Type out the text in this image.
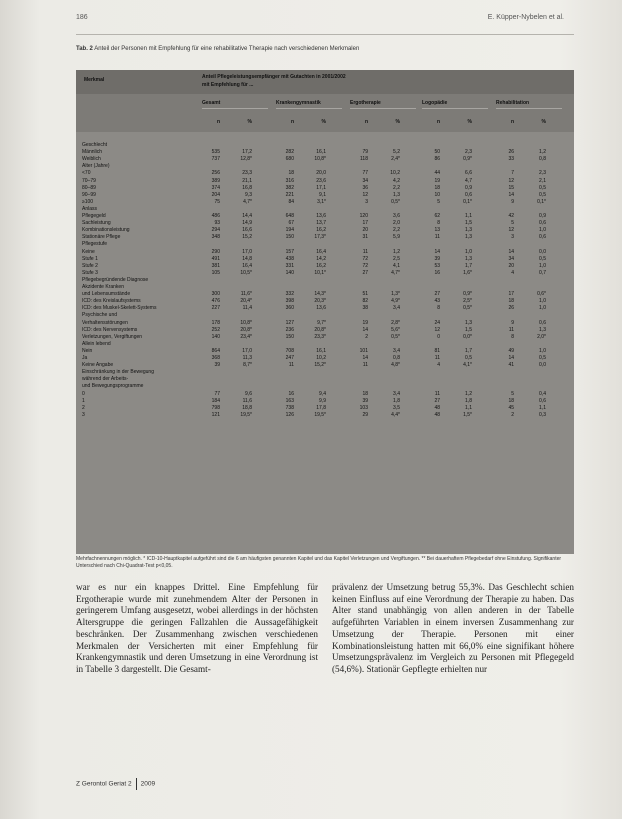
186	E. Küpper-Nybelen et al.
Tab. 2 Anteil der Personen mit Empfehlung für eine rehabilitative Therapie nach verschiedenen Merkmalen
Merkmal	Anteil Pflegeleistungsempfänger mit Gutachten in 2001/2002
mit Empfehlung für ...
Gesamt	Krankengymnastik	Ergotherapie	Logopädie	Rehabilitation
n	%	n	%	n	%	n	%	n	%
Geschlecht
Männlich	535	17,2	282	16,1	79	5,2	50	2,3	26	1,2
Weiblich	737	12,8*	680	10,8*	118	2,4*	86	0,9*	33	0,8
Alter (Jahre)
<70	256	23,3	18	20,0	77	10,2	44	6,6	7	2,3
70–79	389	21,1	316	23,6	34	4,2	19	4,7	12	2,1
80–89	374	16,8	382	17,1	36	2,2	18	0,9	15	0,5
90–99	204	9,3	221	9,1	12	1,3	10	0,6	14	0,5
≥100	75	4,7*	84	3,1*	3	0,5*	5	0,1*	9	0,1*
Anlass
Pflegegeld	486	14,4	648	13,6	120	3,6	62	1,1	42	0,9
Sachleistung	93	14,9	67	13,7	17	2,0	8	1,5	5	0,6
Kombinationsleistung	294	16,6	194	16,2	20	2,2	13	1,3	12	1,0
Stationäre Pflege	348	15,2	150	17,3*	31	5,9	11	1,3	3	0,6
Pflegestufe
Keine	290	17,0	157	16,4	11	1,2	14	1,0	14	0,0
Stufe 1	491	14,8	438	14,2	72	2,5	39	1,3	34	0,5
Stufe 2	381	16,4	331	16,2	72	4,1	53	1,7	20	1,0
Stufe 3	105	10,5*	140	10,1*	27	4,7*	16	1,6*	4	0,7
Pflegebegründende Diagnose
Akzidente Kranken
und Lebensumstände	300	11,6*	332	14,3*	51	1,3*	27	0,9*	17	0,6*
ICD: des Kreislaufsystems	476	20,4*	398	20,3*	82	4,9*	43	2,5*	18	1,0
ICD: des Muskel-Skelett-Systems	227	11,4	360	13,6	38	3,4	8	0,5*	26	1,0
Psychische und
Verhaltensstörungen	178	10,8*	127	9,7*	19	2,8*	24	1,3	9	0,6
ICD: des Nervensystems	252	20,8*	236	20,8*	14	5,6*	12	1,5	11	1,3
Verletzungen, Vergiftungen	140	23,4*	150	23,3*	2	0,5*	0	0,0*	8	2,0*
Allein lebend
Nein	864	17,0	708	16,1	101	3,4	81	1,7	49	1,0
Ja	368	11,3	247	10,2	14	0,8	11	0,5	14	0,5
Keine Angabe	39	8,7*	11	15,2*	11	4,8*	4	4,1*	41	0,0
Einschränkung in der Bewegung
während der Arbeits-
und Bewegungsprogramme
0	77	9,6	16	9,4	18	3,4	11	1,2	5	0,4
1	184	11,6	163	9,9	39	1,8	27	1,8	18	0,6
2	798	18,8	738	17,8	103	3,5	48	1,1	45	1,1
3	121	19,5*	126	19,5*	29	4,4*	48	1,5*	2	0,3
Mehrfachnennungen möglich. * ICD-10-Hauptkapitel aufgeführt sind die 6 am häufigsten genannten Kapitel und das Kapitel Verletzungen und Vergiftungen. ** Bei dauerhaftem Pflegebedarf ohne Einstufung. Signifikanter Unterschied nach Chi-Quadrat-Test p<0,05.
war es nur ein knappes Drittel. Eine Empfehlung für Ergotherapie wurde mit zunehmendem Alter der Personen in geringerem Umfang ausgesetzt, wobei allerdings in der höchsten Altersgruppe die geringen Fallzahlen die Aussagefähigkeit beschränken. Der Zusammenhang zwischen verschiedenen Merkmalen der Versicherten mit einer Empfehlung für Krankengymnastik und deren Umsetzung in eine Verordnung ist in Tabelle 3 dargestellt. Die Gesamt-
prävalenz der Umsetzung betrug 55,3%. Das Geschlecht schien keinen Einfluss auf eine Verordnung der Therapie zu haben. Das Alter stand unabhängig von allen anderen in der Tabelle aufgeführten Variablen in einem inversen Zusammenhang zur Umsetzung der Therapie. Personen mit einer Kombinationsleistung hatten mit 66,0% eine signifikant höhere Umsetzungsprävalenz im Vergleich zu Personen mit Pflegegeld (54,6%). Stationär Gepflegte erhielten nur
Z Gerontol Geriat 2 2009
